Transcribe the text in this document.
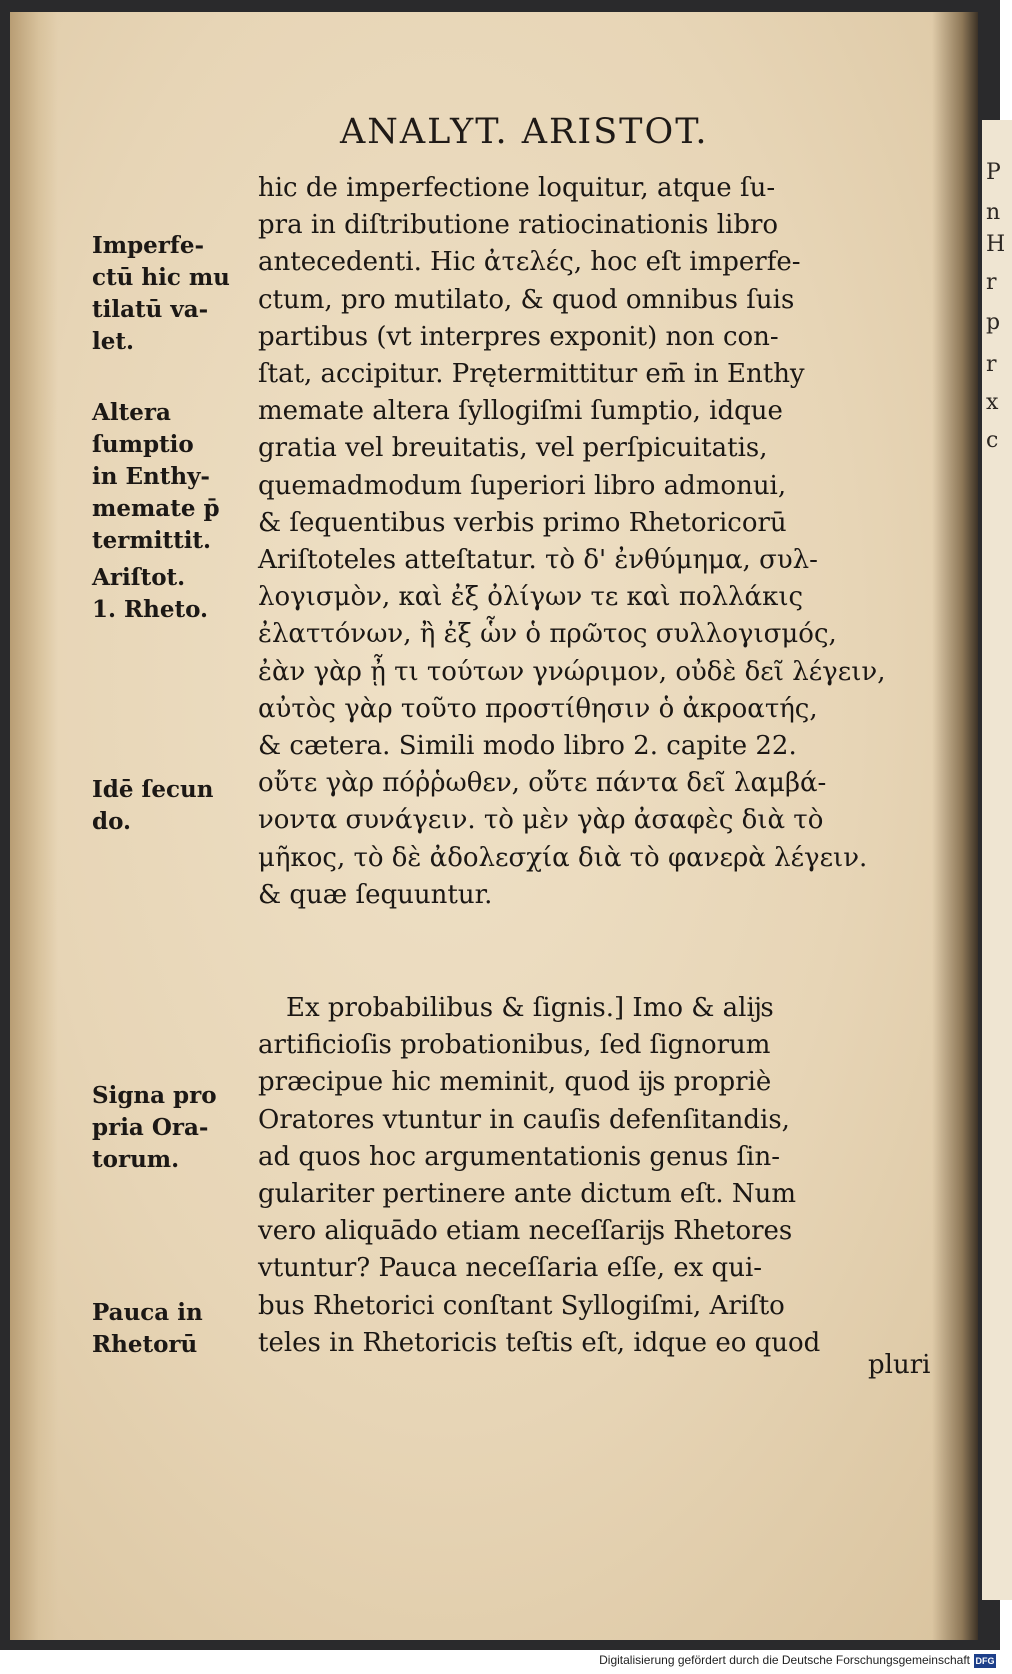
ANALYT. ARISTOT.
Imperfe-
ctū hic mu
tilatū va-
let.
Altera
ſumptio
in Enthy-
memate p̄
termittit.
Ariſtot.
1. Rheto.
Idē ſecun
do.
Signa pro
pria Ora-
torum.
Pauca in
Rhetorū
hic de imperfectione loquitur, atque ſu-
pra in diſtributione ratiocinationis libro
antecedenti. Hic ἀτελές, hoc eſt imperfe-
ctum, pro mutilato, & quod omnibus ſuis
partibus (vt interpres exponit) non con-
ſtat, accipitur. Prętermittitur em̄ in Enthy
memate altera ſyllogiſmi ſumptio, idque
gratia vel breuitatis, vel perſpicuitatis,
quemadmodum ſuperiori libro admonui,
& ſequentibus verbis primo Rhetoricorū
Ariſtoteles atteſtatur. τὸ δ' ἐνθύμημα, συλ-
λογισμὸν, καὶ ἐξ ὀλίγων τε καὶ πολλάκις
ἐλαττόνων, ἢ ἐξ ὧν ὁ πρῶτος συλλογισμός,
ἐὰν γὰρ ᾖ τι τούτων γνώριμον, οὐδὲ δεῖ λέγειν,
αὐτὸς γὰρ τοῦτο προστίθησιν ὁ ἀκροατής,
& cætera. Simili modo libro 2. capite 22.
οὔτε γὰρ πόῤῥωθεν, οὔτε πάντα δεῖ λαμβά-
νοντα συνάγειν. τὸ μὲν γὰρ ἀσαφὲς διὰ τὸ
μῆκος, τὸ δὲ ἀδολεσχία διὰ τὸ φανερὰ λέγειν.
& quæ ſequuntur.
Ex probabilibus & ſignis.] Imo & alĳs
artificioſis probationibus, ſed ſignorum
præcipue hic meminit, quod ĳs propriè
Oratores vtuntur in cauſis defenſitandis,
ad quos hoc argumentationis genus ſin-
gulariter pertinere ante dictum eſt. Num
vero aliquādo etiam neceſſarĳs Rhetores
vtuntur? Pauca neceſſaria eſſe, ex qui-
bus Rhetorici conſtant Syllogiſmi, Ariſto
teles in Rhetoricis teſtis eſt, idque eo quod
pluri
P
n
H
r
p
r
x
c
Digitalisierung gefördert durch die Deutsche Forschungsgemeinschaft DFG
